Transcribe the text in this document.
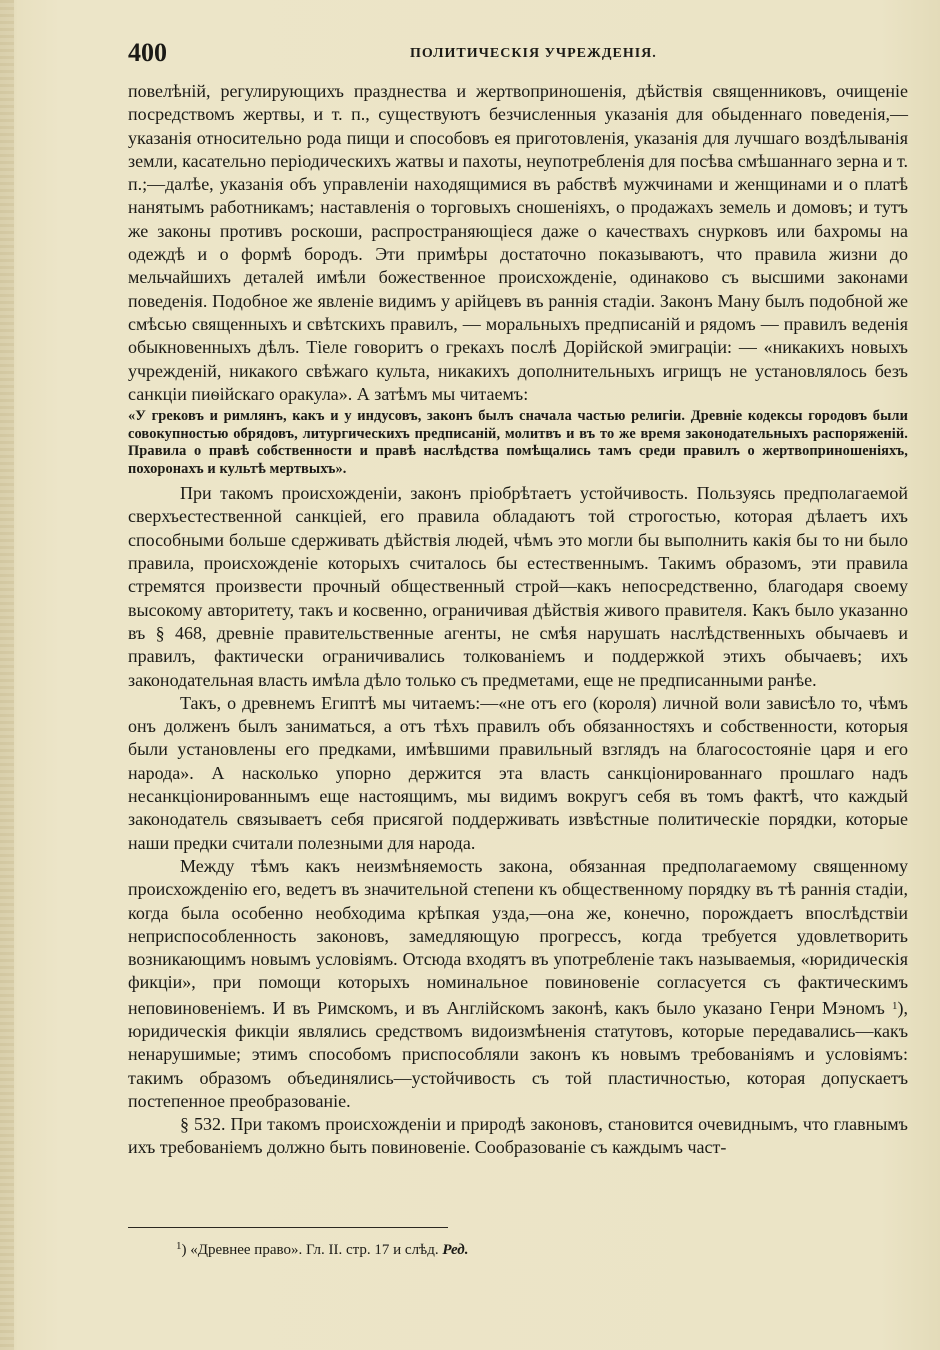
400	ПОЛИТИЧЕСКІЯ УЧРЕЖДЕНІЯ.

повелѣній, регулирующихъ празднества и жертвоприношенія, дѣйствія священниковъ, очищеніе посредствомъ жертвы, и т. п., существуютъ безчисленныя указанія для обыденнаго поведенія,—указанія относительно рода пищи и способовъ ея приготовленія, указанія для лучшаго воздѣлыванія земли, касательно періодическихъ жатвы и пахоты, неупотребленія для посѣва смѣшаннаго зерна и т. п.;—далѣе, указанія объ управленіи находящимися въ рабствѣ мужчинами и женщинами и о платѣ нанятымъ работникамъ; наставленія о торговыхъ сношеніяхъ, о продажахъ земель и домовъ; и тутъ же законы противъ роскоши, распространяющіеся даже о качествахъ снурковъ или бахромы на одеждѣ и о формѣ бородъ. Эти примѣры достаточно показываютъ, что правила жизни до мельчайшихъ деталей имѣли божественное происхожденіе, одинаково съ высшими законами поведенія. Подобное же явленіе видимъ у арійцевъ въ раннія стадіи. Законъ Ману былъ подобной же смѣсью священныхъ и свѣтскихъ правилъ, — моральныхъ предписаній и рядомъ — правилъ веденія обыкновенныхъ дѣлъ. Тіеле говоритъ о грекахъ послѣ Дорійской эмиграціи: — «никакихъ новыхъ учрежденій, никакого свѣжаго культа, никакихъ дополнительныхъ игрищъ не установлялось безъ санкціи пиѳійскаго оракула». А затѣмъ мы читаемъ:

«У грековъ и римлянъ, какъ и у индусовъ, законъ былъ сначала частью религіи. Древніе кодексы городовъ были совокупностью обрядовъ, литургическихъ предписаній, молитвъ и въ то же время законодательныхъ распоряженій. Правила о правѣ собственности и правѣ наслѣдства помѣщались тамъ среди правилъ о жертвоприношеніяхъ, похоронахъ и культѣ мертвыхъ».

При такомъ происхожденіи, законъ пріобрѣтаетъ устойчивость. Пользуясь предполагаемой сверхъестественной санкціей, его правила обладаютъ той строгостью, которая дѣлаетъ ихъ способными больше сдерживать дѣйствія людей, чѣмъ это могли бы выполнить какія бы то ни было правила, происхожденіе которыхъ считалось бы естественнымъ. Такимъ образомъ, эти правила стремятся произвести прочный общественный строй—какъ непосредственно, благодаря своему высокому авторитету, такъ и косвенно, ограничивая дѣйствія живого правителя. Какъ было указанно въ § 468, древніе правительственные агенты, не смѣя нарушать наслѣдственныхъ обычаевъ и правилъ, фактически ограничивались толкованіемъ и поддержкой этихъ обычаевъ; ихъ законодательная власть имѣла дѣло только съ предметами, еще не предписанными ранѣе.

Такъ, о древнемъ Египтѣ мы читаемъ:—«не отъ его (короля) личной воли зависѣло то, чѣмъ онъ долженъ былъ заниматься, а отъ тѣхъ правилъ объ обязанностяхъ и собственности, которыя были установлены его предками, имѣвшими правильный взглядъ на благосостояніе царя и его народа». А насколько упорно держится эта власть санкціонированнаго прошлаго надъ несанкціонированнымъ еще настоящимъ, мы видимъ вокругъ себя въ томъ фактѣ, что каждый законодатель связываетъ себя присягой поддерживать извѣстные политическіе порядки, которые наши предки считали полезными для народа.

Между тѣмъ какъ неизмѣняемость закона, обязанная предполагаемому священному происхожденію его, ведетъ въ значительной степени къ общественному порядку въ тѣ раннія стадіи, когда была особенно необходима крѣпкая узда,—она же, конечно, порождаетъ впослѣдствіи неприспособленность законовъ, замедляющую прогрессъ, когда требуется удовлетворить возникающимъ новымъ условіямъ. Отсюда входятъ въ употребленіе такъ называемыя, «юридическія фикціи», при помощи которыхъ номинальное повиновеніе согласуется съ фактическимъ неповиновеніемъ. И въ Римскомъ, и въ Англійскомъ законѣ, какъ было указано Генри Мэномъ $^1$), юридическія фикціи являлись средствомъ видоизмѣненія статутовъ, которые передавались—какъ ненарушимые; этимъ способомъ приспособляли законъ къ новымъ требованіямъ и условіямъ: такимъ образомъ объединялись—устойчивость съ той пластичностью, которая допускаетъ постепенное преобразованіе.

§ 532. При такомъ происхожденіи и природѣ законовъ, становится очевиднымъ, что главнымъ ихъ требованіемъ должно быть повиновеніе. Сообразованіе съ каждымъ част-

$^1$) «Древнее право». Гл. II. стр. 17 и слѣд. Ред.
